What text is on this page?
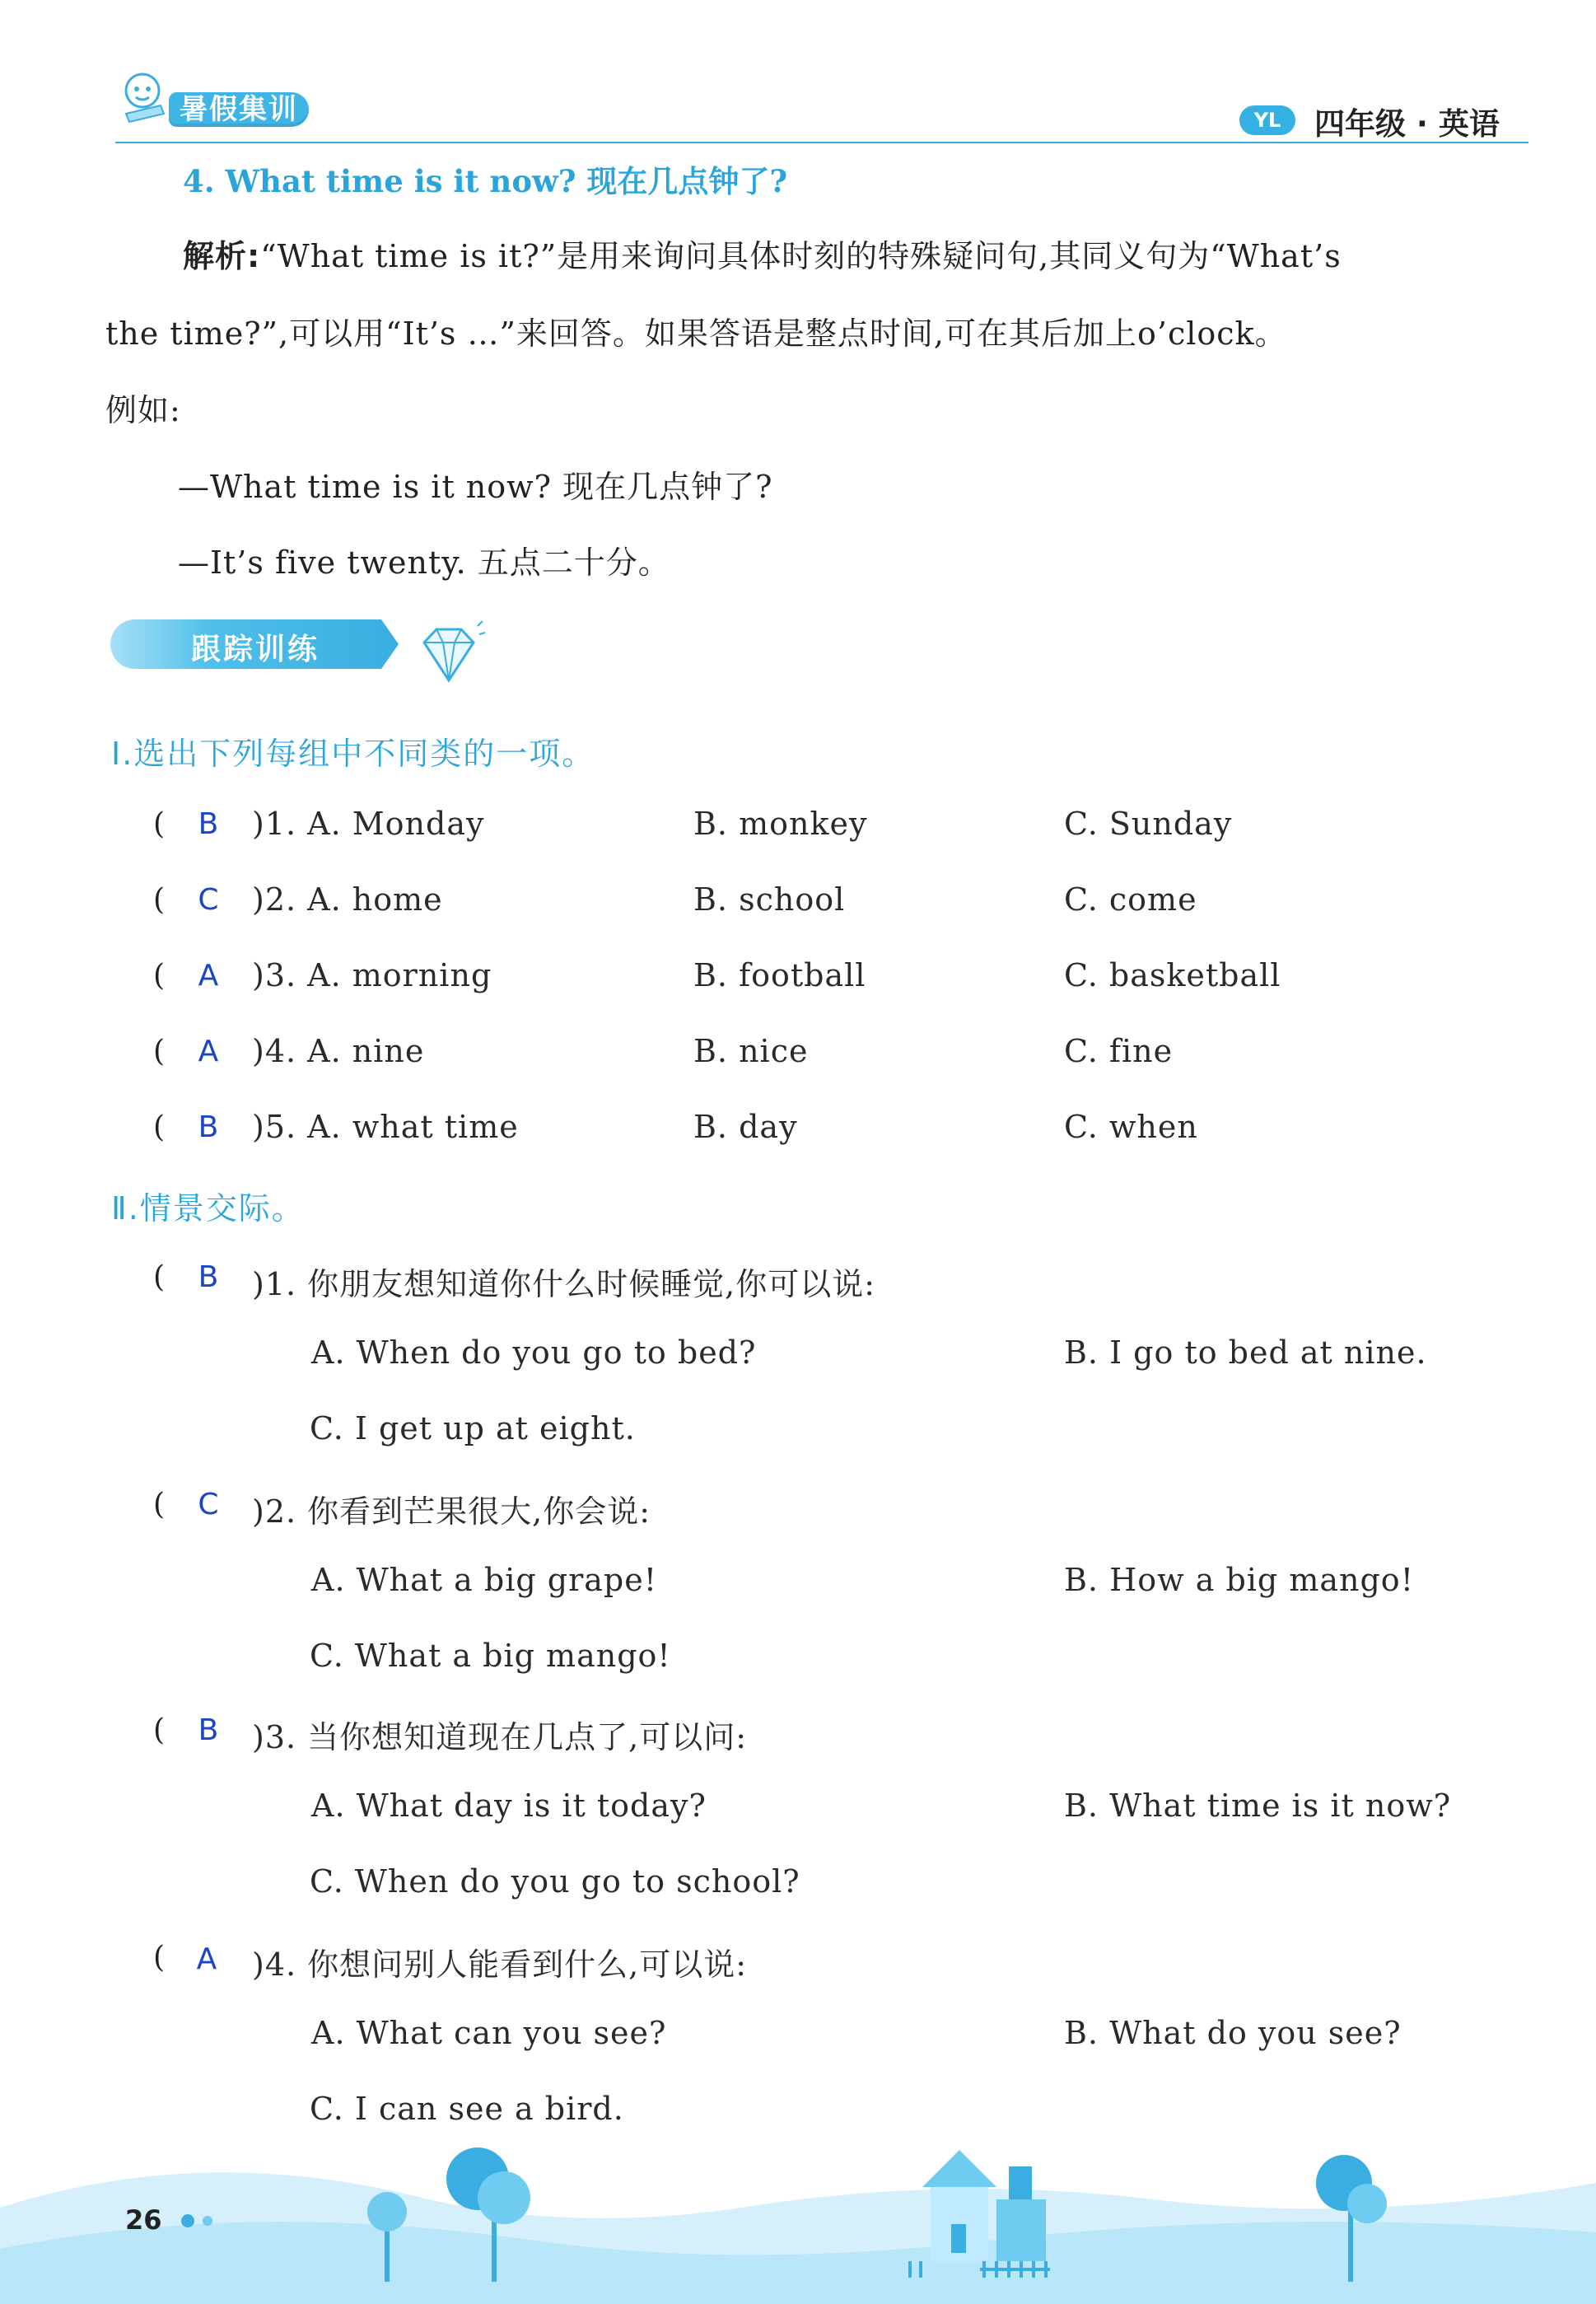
暑假集训	YL	四年级 · 英语
4. What time is it now? 现在几点钟了?
解析:“What time is it?”是用来询问具体时刻的特殊疑问句,其同义句为“What’s
the time?”,可以用“It’s …”来回答。如果答语是整点时间,可在其后加上o’clock。
例如:
—What time is it now? 现在几点钟了?
—It’s five twenty. 五点二十分。
跟踪训练
Ⅰ.选出下列每组中不同类的一项。
( B )1. A. Monday	B. monkey	C. Sunday
( C )2. A. home	B. school	C. come
( A )3. A. morning	B. football	C. basketball
( A )4. A. nine	B. nice	C. fine
( B )5. A. what time	B. day	C. when
Ⅱ.情景交际。
( B )1. 你朋友想知道你什么时候睡觉,你可以说:
A. When do you go to bed?	B. I go to bed at nine.
C. I get up at eight.
( C )2. 你看到芒果很大,你会说:
A. What a big grape!	B. How a big mango!
C. What a big mango!
( B )3. 当你想知道现在几点了,可以问:
A. What day is it today?	B. What time is it now?
C. When do you go to school?
( A )4. 你想问别人能看到什么,可以说:
A. What can you see?	B. What do you see?
C. I can see a bird.
26
